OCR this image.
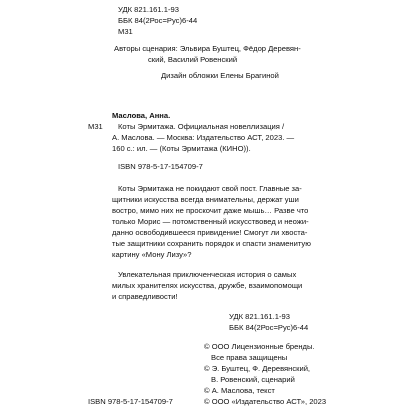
УДК 821.161.1-93
ББК 84(2Рос=Рус)6-44
М31
Авторы сценария: Эльвира Буштец, Фёдор Деревян-
ский, Василий Ровенский
Дизайн обложки Елены Брагиной
Маслова, Анна.
М31 Коты Эрмитажа. Официальная новеллизация /
А. Маслова. — Москва: Издательство АСТ, 2023. —
160 с.: ил. — (Коты Эрмитажа (КИНО)).
ISBN 978-5-17-154709-7
Коты Эрмитажа не покидают свой пост. Главные за-
щитники искусства всегда внимательны, держат уши
востро, мимо них не проскочит даже мышь… Разве что
только Морис — потомственный искусствовед и неожи-
данно освободившееся привидение! Смогут ли хвоста-
тые защитники сохранить порядок и спасти знаменитую
картину «Мону Лизу»?
Увлекательная приключенческая история о самых
милых хранителях искусства, дружбе, взаимопомощи
и справедливости!
УДК 821.161.1-93
ББК 84(2Рос=Рус)6-44
© ООО Лицензионные бренды.
Все права защищены
© Э. Буштец, Ф. Деревянский,
В. Ровенский, сценарий
© А. Маслова, текст
© ООО «Издательство АСТ», 2023
ISBN 978-5-17-154709-7
